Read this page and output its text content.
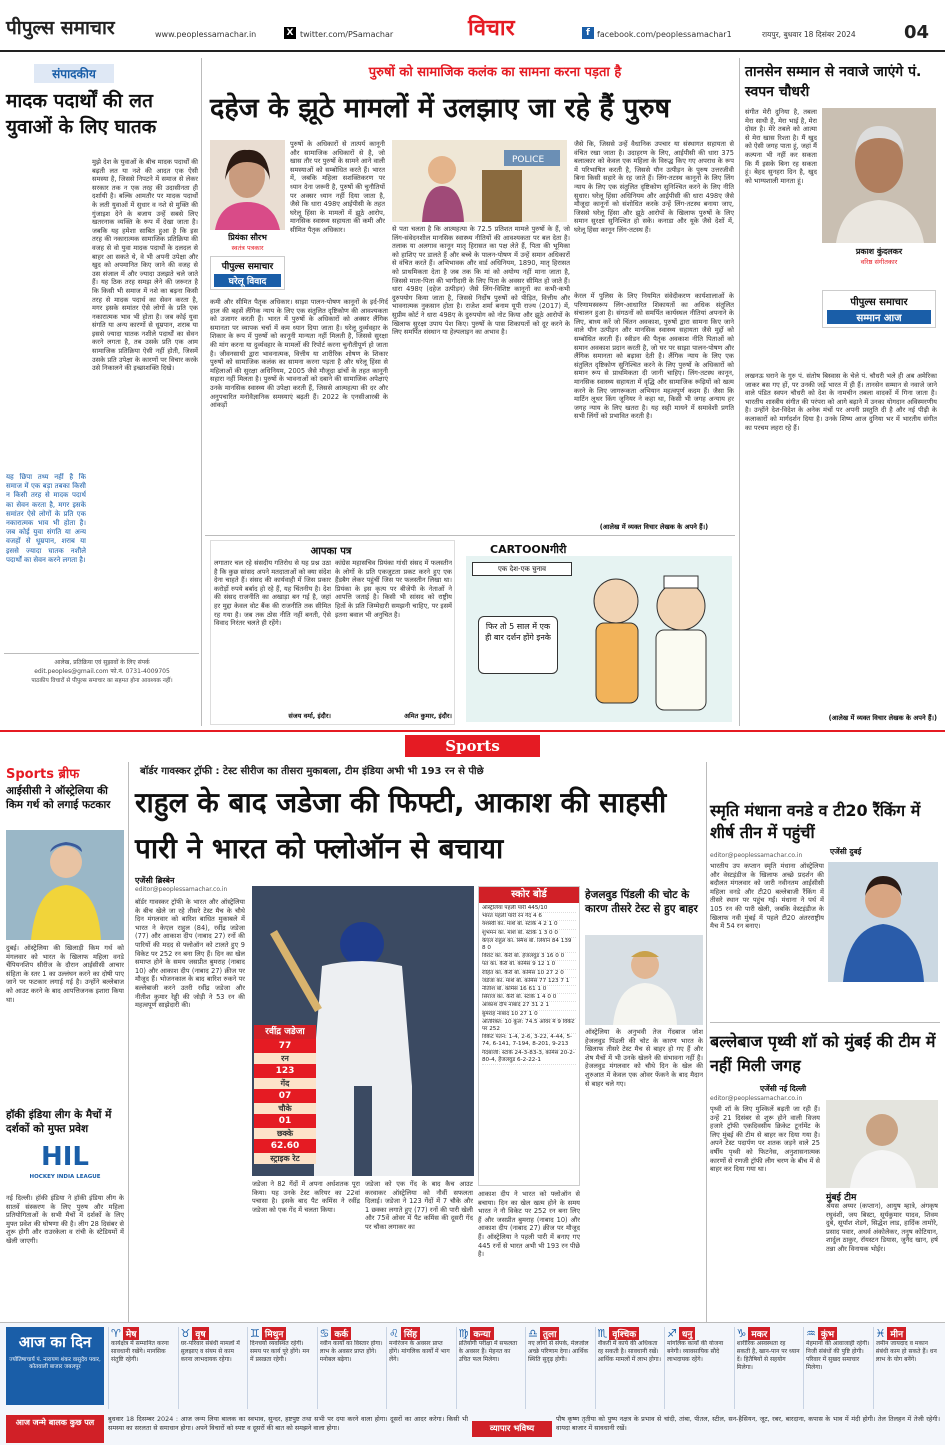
पीपुल्स समाचार	www.peoplessamachar.in	X twitter.com/PSamachar	विचार	f facebook.com/peoplessamachar1	रायपुर, बुधवार 18 दिसंबर 2024	04
संपादकीय
मादक पदार्थों की लत युवाओं के लिए घातक
मुझे देश के युवाओं के बीच मादक पदार्थों की बढ़ती लत या नशे की आदत एक ऐसी समस्या है, जिससे निपटने में समाज से लेकर सरकार तक न एक तरह की उदासीनता ही दर्शायी है। बल्कि आमतौर पर मादक पदार्थों के लती युवाओं में सुधार व नशे से मुक्ति की गुंजाइश देने के बजाय उन्हें सबसे लिए खतरनाक व्यक्ति के रूप में देखा जाता है। जबकि यह हमेशा साबित हुआ है कि इस तरह की नकारात्मक सामाजिक प्रतिक्रिया की वजह से वो युवा मादक पदार्थों के दलदल से बाहर आ सकते थे, वे भी अपनी उपेक्षा और खुद को अपमानित किए जाने की वजह से उस संजाल में और ज्यादा उलझते चले जाते हैं। यह ठिक तरह समझ लेने की जरूरत है कि किसी भी समाज में नशे का बढ़ना किसी तरह से मादक पदार्थ का सेवन करता है, मगर इसके समांतर ऐसे लोगों के प्रति एक नकारात्मक भाव भी होता है। जब कोई युवा संगति या अन्य कारणों से धूम्रपान, शराब या इससे ज्यादा घातक नशीले पदार्थों का सेवन करने लगता है, तब उसके प्रति एक आम सामाजिक प्रतिक्रिया ऐसी नहीं होती, जिसमें उसके प्रति उपेक्षा के कारणों पर विचार करके उसे निकालने की इच्छाशक्ति दिखे।
यह छिपा तथ्य नहीं है कि समाज में एक बड़ा तबका किसी न किसी तरह से मादक पदार्थ का सेवन करता है, मगर इसके समांतर ऐसे लोगों के प्रति एक नकारात्मक भाव भी होता है। जब कोई युवा संगति या अन्य वजहों से धूम्रपान, शराब या इससे ज्यादा घातक नशीले पदार्थों का सेवन करने लगता है।
आलेख, प्रतिक्रिया एवं सुझावों के लिए संपर्क
edit.peoples@gmail.com फो.नं. 0731-4009705
पाठकीय विचारों से पीपुल्स समाचार का सहमत होना आवश्यक नहीं।
पुरुषों को सामाजिक कलंक का सामना करना पड़ता है
दहेज के झूठे मामलों में उलझाए जा रहे हैं पुरुष
प्रियंका सौरभ
स्वतंत्र पत्रकार
पीपुल्स समाचार
घरेलू विवाद
पुरुषों के अधिकारों से तात्पर्य कानूनी और सामाजिक अधिकारों से है, जो खास तौर पर पुरुषों के सामने आने वाली समस्याओं को सम्बोधित करते हैं। भारत में, जबकि महिला सशक्तिकरण पर ध्यान देना जरूरी है, पुरुषों की चुनौतियों पर अक्सर ध्यान नहीं दिया जाता है, जैसे कि धारा 498ए आईपीसी के तहत घरेलू हिंसा के मामलों में झूठे आरोप, मानसिक स्वास्थ्य सहायता की कमी और सीमित पैतृक अधिकार।
कमी और सीमित पैतृक अधिकार। साझा पालन-पोषण कानूनों के इर्द-गिर्द हाल की बहसें लैंगिक न्याय के लिए एक संतुलित दृष्टिकोण की आवश्यकता को उजागर करती हैं। भारत में पुरुषों के अधिकारों को अक्सर लैंगिक समानता पर व्यापक चर्चा में कम ध्यान दिया जाता है। घरेलू दुर्व्यवहार के शिकार के रूप में पुरुषों को कानूनी मान्यता नहीं मिलती है, जिससे सुरक्षा की मांग करना या दुर्व्यवहार के मामलों की रिपोर्ट करना चुनौतीपूर्ण हो जाता है। जीवनसाथी द्वारा भावनात्मक, वित्तीय या शारीरिक शोषण के शिकार पुरुषों को सामाजिक कलंक का सामना करना पड़ता है और घरेलू हिंसा से महिलाओं की सुरक्षा अधिनियम, 2005 जैसे मौजूदा ढांचों के तहत कानूनी सहारा नहीं मिलता है। पुरुषों के भावनाओं को दबाने की सामाजिक अपेक्षाएं उनके मानसिक स्वास्थ्य की उपेक्षा करती हैं, जिससे आत्महत्या की दर और अनुपचारित मनोवैज्ञानिक समस्याएं बढ़ती हैं। 2022 के एनसीआरबी के आंकड़ों
POLICE
से पता चलता है कि आत्महत्या के 72.5 प्रतिशत मामले पुरुषों के हैं, जो लिंग-संवेदनशील मानसिक स्वास्थ्य नीतियों की आवश्यकता पर बल देता है। तलाक या अलगाव कानून मातृ हिरासत का पक्ष लेते हैं, पिता की भूमिका को हाशिए पर डालते हैं और बच्चे के पालन-पोषण में उन्हें समान अधिकारों से वंचित करते हैं। अभिभावक और वार्ड अधिनियम, 1890, मातृ हिरासत को प्राथमिकता देता है जब तक कि मां को अयोग्य नहीं माना जाता है, जिससे माता-पिता की भागीदारी के लिए पिता के अवसर सीमित हो जाते हैं। धारा 498ए (दहेज उत्पीड़न) जैसे लिंग-विशिष्ट कानूनों का कभी-कभी दुरुपयोग किया जाता है, जिससे निर्दोष पुरुषों को पीड़ित, वित्तीय और भावनात्मक नुकसान होता है। राजेश शर्मा बनाम यूपी राज्य (2017) में, सुप्रीम कोर्ट ने धारा 498ए के दुरुपयोग को नोट किया और झूठे आरोपों के खिलाफ सुरक्षा उपाय पेश किए। पुरुषों के पास शिकायतों को दूर करने के लिए समर्पित संस्थान या हेल्पलाइन का अभाव है।
जैसे कि, जिससे उन्हें वैधानिक उपचार या संस्थागत सहायता से वंचित रखा जाता है। उदाहरण के लिए, आईपीसी की धारा 375 बलात्कार को केवल एक महिला के विरुद्ध किए गए अपराध के रूप में परिभाषित करती है, जिससे यौन उत्पीड़न के पुरुष उत्तरजीवी बिना किसी सहारे के रह जाते हैं। लिंग-तटस्थ कानूनों के लिए लिंग न्याय के लिए एक संतुलित दृष्टिकोण सुनिश्चित करने के लिए नीति सुधार। घरेलू हिंसा अधिनियम और आईपीसी की धारा 498ए जैसे मौजूदा कानूनों को संशोधित करके उन्हें लिंग-तटस्थ बनाया जाए, जिससे घरेलू हिंसा और झूठे आरोपों के खिलाफ पुरुषों के लिए समान सुरक्षा सुनिश्चित हो सके। कनाडा और यूके जैसे देशों में, घरेलू हिंसा कानून लिंग-तटस्थ हैं।
केरल में पुलिस के लिए नियमित संवेदीकरण कार्यशालाओं के परिणामस्वरूप लिंग-आधारित शिकायतों का अधिक संतुलित संचालन हुआ है। संगठनों को समर्पित कार्यस्थल नीतियां अपनाने के लिए, बाध्य करें जो चिंतन अवकाश, पुरुषों द्वारा सामना किए जाने वाले यौन उत्पीड़न और मानसिक स्वास्थ्य सहायता जैसे मुद्दों को सम्बोधित करती हैं। स्वीडन की पैतृक अवकाश नीति पिताओं को समान अवकाश प्रदान करती है, जो घर पर साझा पालन-पोषण और लैंगिक समानता को बढ़ावा देती है। लैंगिक न्याय के लिए एक संतुलित दृष्टिकोण सुनिश्चित करने के लिए पुरुषों के अधिकारों को समान रूप से प्राथमिकता दी जानी चाहिए। लिंग-तटस्थ कानून, मानसिक स्वास्थ्य सहायता में वृद्धि और सामाजिक रूढ़ियों को खत्म करने के लिए जागरूकता अभियान महत्वपूर्ण कदम हैं। जैसा कि मार्टिन लूथर किंग जूनियर ने कहा था, किसी भी जगह अन्याय हर जगह न्याय के लिए खतरा है। यह सही मायने में समावेशी प्रगति सभी लिंगों को प्रभावित करती है।
(आलेख में व्यक्त विचार लेखक के अपने हैं।)
आपका पत्र
लगातार चल रहे संसदीय गतिरोध से यह प्रश्न उठा है कि कुछ सांसद अपने मतदाताओं को क्या संदेश देना चाहते हैं। संसद की कार्यवाही में जिस प्रकार करोड़ों रुपये बर्बाद हो रहे हैं, यह चिंतनीय है। देश की संसद राजनीति का अखाड़ा बन गई है, जहां हर मुद्दा केवल वोट बैंक की राजनीति तक सीमित रह गया है। जब तक ठोस नीति नहीं बनती, ऐसे विवाद निरंतर चलते ही रहेंगे।
संजय वर्मा, इंदौर।
कांग्रेस महासचिव प्रियंका गांधी संसद में फलस्तीन के लोगों के प्रति एकजुटता प्रकट करने हुए एक हैंडबैग लेकर पहुंचीं जिस पर फलस्तीन लिखा था। प्रियंका के इस कृत्य पर बीजेपी के नेताओं ने आपत्ति जताई है। किसी भी सांसद को राष्ट्रीय हितों के प्रति जिम्मेदारी समझनी चाहिए, पर इसमें इतना बवाल भी अनुचित है।
अमित कुमार, इंदौर।
CARTOONगीरी
एक देश-एक चुनाव
फिर तो 5 साल में एक ही बार दर्शन होंगे इनके
तानसेन सम्मान से नवाजे जाएंगे पं. स्वपन चौधरी
संगीत मेरी दुनिया है, तबला मेरा साथी है, मेरा भाई है, मेरा दोस्त है। मेरे तबले को आत्मा से मेरा खास रिश्ता है। मैं खुद को ऐसी जगह पाता हूं, जहां मैं कल्पना भी नहीं कर सकता कि मैं इसके बिना रह सकता हूं। बेहद सुनहरा दिन है, खुद को भाग्यशाली मानता हूं।
प्रकाश कुंदलकर
वरिष्ठ संगीतकार
पीपुल्स समाचार
सम्मान आज
लखनऊ घराने के गुरु पं. संतोष बिस्वास के चेले पं. चौधरी भले ही अब अमेरिका जाकर बस गए हों, पर उनकी जड़ें भारत में ही हैं। तानसेन सम्मान से नवाजे जाने वाले पंडित स्वपन चौधरी को देश के नामचीन तबला वादकों में गिना जाता है। भारतीय शास्त्रीय संगीत की परंपरा को आगे बढ़ाने में उनका योगदान अविस्मरणीय है। उन्होंने देश-विदेश के अनेक मंचों पर अपनी प्रस्तुति दी है और नई पीढ़ी के कलाकारों को मार्गदर्शन दिया है। उनके शिष्य आज दुनिया भर में भारतीय संगीत का परचम लहरा रहे हैं।
(आलेख में व्यक्त विचार लेखक के अपने हैं।)
Sports
Sports ब्रीफ
आईसीसी ने ऑस्ट्रेलिया की किम गर्थ को लगाई फटकार
दुबई। ऑस्ट्रेलिया की खिलाड़ी किम गर्थ को मंगलवार को भारत के खिलाफ महिला वनडे चैंपियनशिप सीरीज के दौरान आईसीसी आचार संहिता के स्तर 1 का उल्लंघन करने का दोषी पाए जाने पर फटकार लगाई गई है। उन्होंने बल्लेबाज को आउट करने के बाद आपत्तिजनक इशारा किया था।
हॉकी इंडिया लीग के मैचों में दर्शकों को मुफ्त प्रवेश
HIL
HOCKEY INDIA LEAGUE
नई दिल्ली। हॉकी इंडिया ने हॉकी इंडिया लीग के सातवें संस्करण के लिए पुरुष और महिला प्रतियोगिताओं के सभी मैचों में दर्शकों के लिए मुफ्त प्रवेश की घोषणा की है। लीग 28 दिसंबर से शुरू होगी और राउरकेला व रांची के स्टेडियमों में खेली जाएगी।
बॉर्डर गावस्कर ट्रॉफी : टेस्ट सीरीज का तीसरा मुकाबला, टीम इंडिया अभी भी 193 रन से पीछे
राहुल के बाद जडेजा की फिफ्टी, आकाश की साहसी पारी ने भारत को फ्लोऑन से बचाया
एजेंसी ब्रिस्बेन
editor@peoplessamachar.co.in
बॉर्डर गावस्कर ट्रॉफी के भारत और ऑस्ट्रेलिया के बीच खेले जा रहे तीसरे टेस्ट मैच के चौथे दिन मंगलवार को बारिश बाधित मुकाबले में भारत ने केएल राहुल (84), रवींद्र जडेजा (77) और आकाश दीप (नाबाद 27) रनों की पारियों की मदद से फ्लोऑन को टालते हुए 9 विकेट पर 252 रन बना लिए हैं। दिन का खेल समाप्त होने के समय जसप्रीत बुमराह (नाबाद 10) और आकाश दीप (नाबाद 27) क्रीज पर मौजूद हैं। भोजनकाल के बाद बारिश रुकने पर बल्लेबाजी करने उतरी रवींद्र जडेजा और नीतीश कुमार रेड्डी की जोड़ी ने 53 रन की महत्वपूर्ण साझेदारी की।
रवींद्र जडेजा
77
रन
123
गेंद
07
चौके
01
छक्के
62.60
स्ट्राइक रेट
जडेजा ने 82 गेंदों में अपना अर्धशतक पूरा किया। यह उनके टेस्ट करियर का 22वां पचासा है। इसके बाद पैट कमिंस ने रवींद्र जडेजा को एक गेंद में चलता किया।
जडेजा को एक गेंद के बाद कैच आउट करवाकर ऑस्ट्रेलिया को नौवीं सफलता दिलाई। जडेजा ने 123 गेंदों में 7 चौके और 1 छक्का लगाते हुए (77) रनों की पारी खेली और 75वें ओवर में पैट कमिंस की दूसरी गेंद पर चौका लगाकर का
स्कोर बोर्ड
ऑस्ट्रेलिया पहली पारी 445/10
भारत पहली पारी रन गेंद 4 6
यशस्वी का. मार्श बो. स्टार्क 4 2 1 0
शुभमन का. मार्श बो. स्टार्क 1 3 0 0
केएल राहुल का. स्मिथ बो. लियोन 84 139 8 0
विराट का. कैरी बो. हेजलवुड 3 16 0 0
पंत का. कैरी बो. कमिंस 9 12 1 0
रोहित का. कैरी बो. कमिंस 10 27 2 0
जडेजा का. मार्श बो. कमिंस 77 123 7 1
नीतीश बो. कमिंस 16 61 1 0
सिराज का. कैरी बो. स्टार्क 1 4 0 0
आकाश दीप नाबाद 27 31 2 1
बुमराह नाबाद 10 27 1 0
अतिरिक्त: 10 कुल: 74.5 ओवर में 9 विकेट पर 252
विकेट पतन: 1-4, 2-6, 3-22, 4-44, 5-74, 6-141, 7-194, 8-201, 9-213
गेंदबाजी: स्टार्क 24-3-83-3, कमिंस 20-2-80-4, हेजलवुड 6-2-22-1
आकाश दीप ने भारत को फ्लोऑन से बचाया। दिन का खेल खत्म होने के समय भारत ने नौ विकेट पर 252 रन बना लिए हैं और जसप्रीत बुमराह (नाबाद 10) और आकाश दीप (नाबाद 27) क्रीज पर मौजूद हैं। ऑस्ट्रेलिया ने पहली पारी में बनाए गए 445 रनों से भारत अभी भी 193 रन पीछे है।
हेजलवुड पिंडली की चोट के कारण तीसरे टेस्ट से हुए बाहर
ऑस्ट्रेलिया के अनुभवी तेज गेंदबाज जोश हेजलवुड पिंडली की चोट के कारण भारत के खिलाफ तीसरे टेस्ट मैच से बाहर हो गए हैं और शेष मैचों में भी उनके खेलने की संभावना नहीं है। हेजलवुड मंगलवार को चौथे दिन के खेल की शुरुआत में केवल एक ओवर फेंकने के बाद मैदान से बाहर चले गए।
स्मृति मंधाना वनडे व टी20 रैंकिंग में शीर्ष तीन में पहुंचीं
एजेंसी दुबई
editor@peoplessamachar.co.in
भारतीय उप कप्तान स्मृति मंधाना ऑस्ट्रेलिया और वेस्टइंडीज के खिलाफ अच्छे प्रदर्शन की बदौलत मंगलवार को जारी नवीनतम आईसीसी महिला वनडे और टी20 बल्लेबाजी रैंकिंग में तीसरे स्थान पर पहुंच गईं। मंधाना ने पर्थ में 105 रन की पारी खेली, जबकि वेस्टइंडीज के खिलाफ नवी मुंबई में पहले टी20 अंतरराष्ट्रीय मैच में 54 रन बनाए।
बल्लेबाज पृथ्वी शॉ को मुंबई की टीम में नहीं मिली जगह
एजेंसी नई दिल्ली
editor@peoplessamachar.co.in
पृथ्वी शॉ के लिए मुश्किलें बढ़ती जा रही हैं। उन्हें 21 दिसंबर से शुरू होने वाली विजय हजारे ट्रॉफी एकदिवसीय क्रिकेट टूर्नामेंट के लिए मुंबई की टीम से बाहर कर दिया गया है। अपने टेस्ट पदार्पण पर शतक जड़ने वाले 25 वर्षीय पृथ्वी को फिटनेस, अनुशासनात्मक कारणों से रणजी ट्रॉफी लीग चरण के बीच में से बाहर कर दिया गया था।
मुंबई टीम
श्रेयस अय्यर (कप्तान), आयुष म्हात्रे, अंगकृष रघुवंशी, जय बिस्टा, सूर्यकुमार यादव, शिवम दुबे, सूर्यांश शेडगे, सिद्धेश लाड, हार्दिक तामोरे, प्रसाद पवार, अथर्व अंकोलेकर, तनुष कोटियान, शार्दुल ठाकुर, रॉयस्टन डियास, जुनैद खान, हर्ष तन्ना और विनायक भोईर।
आज का दिन
ज्योतिषाचार्य पं. नारायण शंकर वासुदेव पवार, कोतवाली बाजार जबलपुर
♈ मेष
कार्यक्षेत्र में सम्मानित करना सावधानी रखेंगे। मानसिक संतुष्टि रहेगी।
♉ वृष
घर-परिवार संबंधी मामलों में सुलझाए व संयम से काम करना लाभदायक रहेगा।
♊ मिथुन
दिनचर्या व्यवस्थित रहेगी। समय पर कार्य पूरे होंगे। मन में प्रसन्नता रहेगी।
♋ कर्क
नवीन कार्यों का विस्तार होगा। लाभ के अवसर प्राप्त होंगे। मनोबल बढ़ेगा।
♌ सिंह
मनोरंजन के अवसर प्राप्त होंगे। मांगलिक कार्यों में भाग लेंगे।
♍ कन्या
प्रतियोगी परीक्षा में सफलता के अवसर हैं। मेहनत का उचित फल मिलेगा।
♎ तुला
नए लोगों से संपर्क, मेलजोल अच्छे परिणाम देगा। आर्थिक स्थिति सुदृढ़ होगी।
♏ वृश्चिक
नौकरी में कार्य की अधिकता रह सकती है। सावधानी रखें। आर्थिक मामलों में लाभ होगा।
♐ धनु
मांगलिक कार्यों की योजना बनेगी। व्यावसायिक सौदे लाभदायक रहेंगे।
♑ मकर
शारीरिक अस्वस्थता रह सकती है, खान-पान पर ध्यान दें। हितैषियों से सहयोग मिलेगा।
♒ कुंभ
मेहमानों की आवाजाही रहेगी। निजी संबंधों की पुष्टि होगी। परिवार में सुखद समाचार मिलेगा।
♓ मीन
जमीन जायदाद व मकान संबंधी काम हो सकते हैं। धन लाभ के योग बनेंगे।
आज जन्मे बालक कुछ पल	बुधवार 18 दिसम्बर 2024 : आज जन्म लिया बालक का स्वभाव, सुन्दर, हष्टपुष्ट तथा सभी पर दया करने वाला होगा। दूसरों का आदर करेगा। किसी भी समस्या का सरलता से समाधान होगा। अपने विचारों को स्पष्ट व दूसरों की बात को समझने वाला होगा।	व्यापार भविष्य
पौष कृष्ण तृतीया को पुष्य नक्षत्र के प्रभाव से चांदी, तांबा, पीतल, स्टील, सन-हैसियन, जूट, रबर, बारदाना, कपास के भाव में मंदी होगी। तेल तिलहन में तेजी रहेगी। वायदा बाजार में सावधानी रखें।
